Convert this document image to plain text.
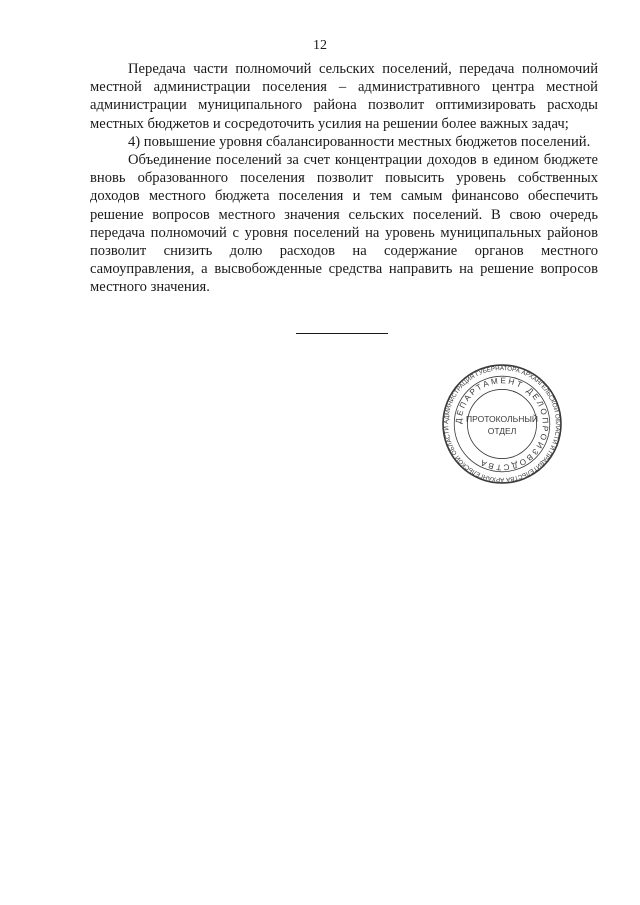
12

Передача части полномочий сельских поселений, передача полномочий местной администрации поселения – административного центра местной администрации муниципального района позволит оптимизировать расходы местных бюджетов и сосредоточить усилия на решении более важных задач;

4) повышение уровня сбалансированности местных бюджетов поселений.

Объединение поселений за счет концентрации доходов в едином бюджете вновь образованного поселения позволит повысить уровень собственных доходов местного бюджета поселения и тем самым финансово обеспечить решение вопросов местного значения сельских поселений. В свою очередь передача полномочий с уровня поселений на уровень муниципальных районов позволит снизить долю расходов на содержание органов местного самоуправления, а высвобожденные средства направить на решение вопросов местного значения.

АДМИНИСТРАЦИЯ ГУБЕРНАТОРА АРХАНГЕЛЬСКОЙ ОБЛАСТИ И ПРАВИТЕЛЬСТВА АРХАНГЕЛЬСКОЙ ОБЛАСТИ
ДЕПАРТАМЕНТ ДЕЛОПРОИЗВОДСТВА
ПРОТОКОЛЬНЫЙ
ОТДЕЛ
